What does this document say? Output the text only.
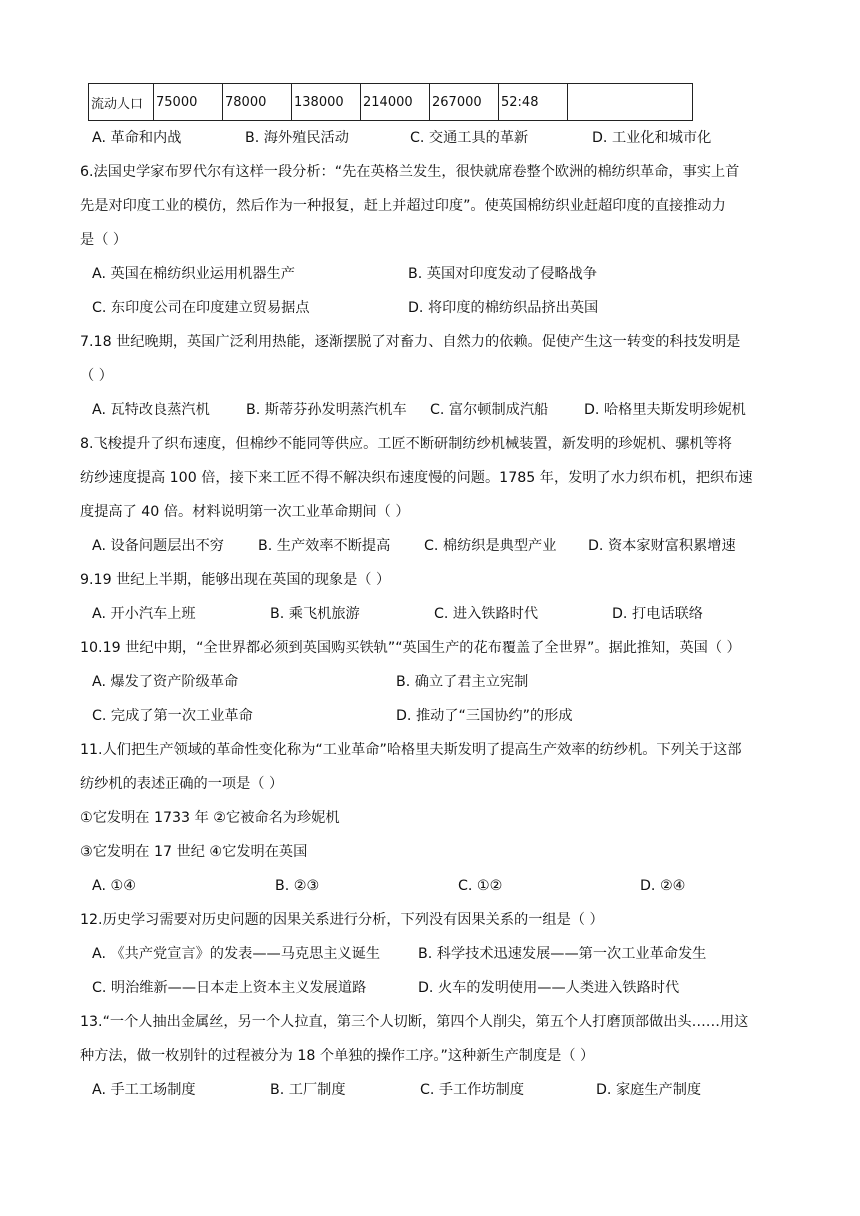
流动人口	75000	78000	138000	214000	267000	52:48	
A. 革命和内战	B. 海外殖民活动	C. 交通工具的革新	D. 工业化和城市化
6.法国史学家布罗代尔有这样一段分析：“先在英格兰发生，很快就席卷整个欧洲的棉纺织革命，事实上首
先是对印度工业的模仿，然后作为一种报复，赶上并超过印度”。使英国棉纺织业赶超印度的直接推动力
是（ ）
A. 英国在棉纺织业运用机器生产	B. 英国对印度发动了侵略战争
C. 东印度公司在印度建立贸易据点	D. 将印度的棉纺织品挤出英国
7.18 世纪晚期，英国广泛利用热能，逐渐摆脱了对畜力、自然力的依赖。促使产生这一转变的科技发明是
（ ）
A. 瓦特改良蒸汽机	B. 斯蒂芬孙发明蒸汽机车 C. 富尔顿制成汽船	D. 哈格里夫斯发明珍妮机
8.飞梭提升了织布速度，但棉纱不能同等供应。工匠不断研制纺纱机械装置，新发明的珍妮机、骡机等将
纺纱速度提高 100 倍，接下来工匠不得不解决织布速度慢的问题。1785 年，发明了水力织布机，把织布速
度提高了 40 倍。材料说明第一次工业革命期间（ ）
A. 设备问题层出不穷 B. 生产效率不断提高 C. 棉纺织是典型产业 D. 资本家财富积累增速
9.19 世纪上半期，能够出现在英国的现象是（ ）
A. 开小汽车上班	B. 乘飞机旅游	C. 进入铁路时代	D. 打电话联络
10.19 世纪中期，“全世界都必须到英国购买铁轨”“英国生产的花布覆盖了全世界”。据此推知，英国（ ）
A. 爆发了资产阶级革命	B. 确立了君主立宪制
C. 完成了第一次工业革命	D. 推动了“三国协约”的形成
11.人们把生产领域的革命性变化称为“工业革命”哈格里夫斯发明了提高生产效率的纺纱机。下列关于这部
纺纱机的表述正确的一项是（ ）
①它发明在 1733 年 ②它被命名为珍妮机
③它发明在 17 世纪 ④它发明在英国
A. ①④	B. ②③	C. ①②	D. ②④
12.历史学习需要对历史问题的因果关系进行分析，下列没有因果关系的一组是（ ）
A. 《共产党宣言》的发表——马克思主义诞生	B. 科学技术迅速发展——第一次工业革命发生
C. 明治维新——日本走上资本主义发展道路	D. 火车的发明使用——人类进入铁路时代
13.“一个人抽出金属丝，另一个人拉直，第三个人切断，第四个人削尖，第五个人打磨顶部做出头……用这
种方法，做一枚别针的过程被分为 18 个单独的操作工序。”这种新生产制度是（ ）
A. 手工工场制度	B. 工厂制度	C. 手工作坊制度	D. 家庭生产制度
